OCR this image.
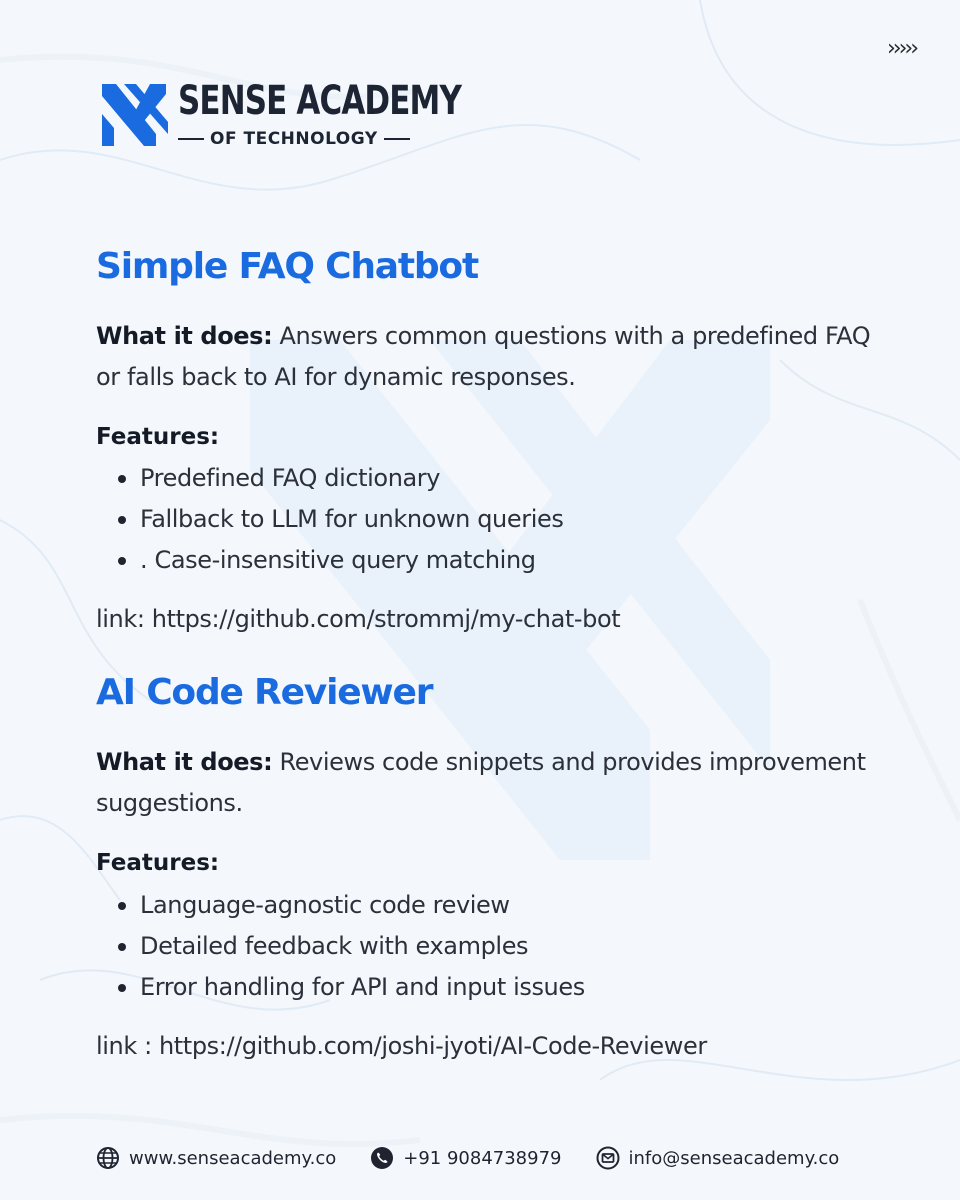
›››››
SENSE ACADEMY
OF TECHNOLOGY
Simple FAQ Chatbot
What it does: Answers common questions with a predefined FAQ or falls back to AI for dynamic responses.
Features:
Predefined FAQ dictionary
Fallback to LLM for unknown queries
. Case-insensitive query matching
link: https://github.com/strommj/my-chat-bot
AI Code Reviewer
What it does: Reviews code snippets and provides improvement suggestions.
Features:
Language-agnostic code review
Detailed feedback with examples
Error handling for API and input issues
link : https://github.com/joshi-jyoti/AI-Code-Reviewer
www.senseacademy.co	+91 9084738979	info@senseacademy.co
